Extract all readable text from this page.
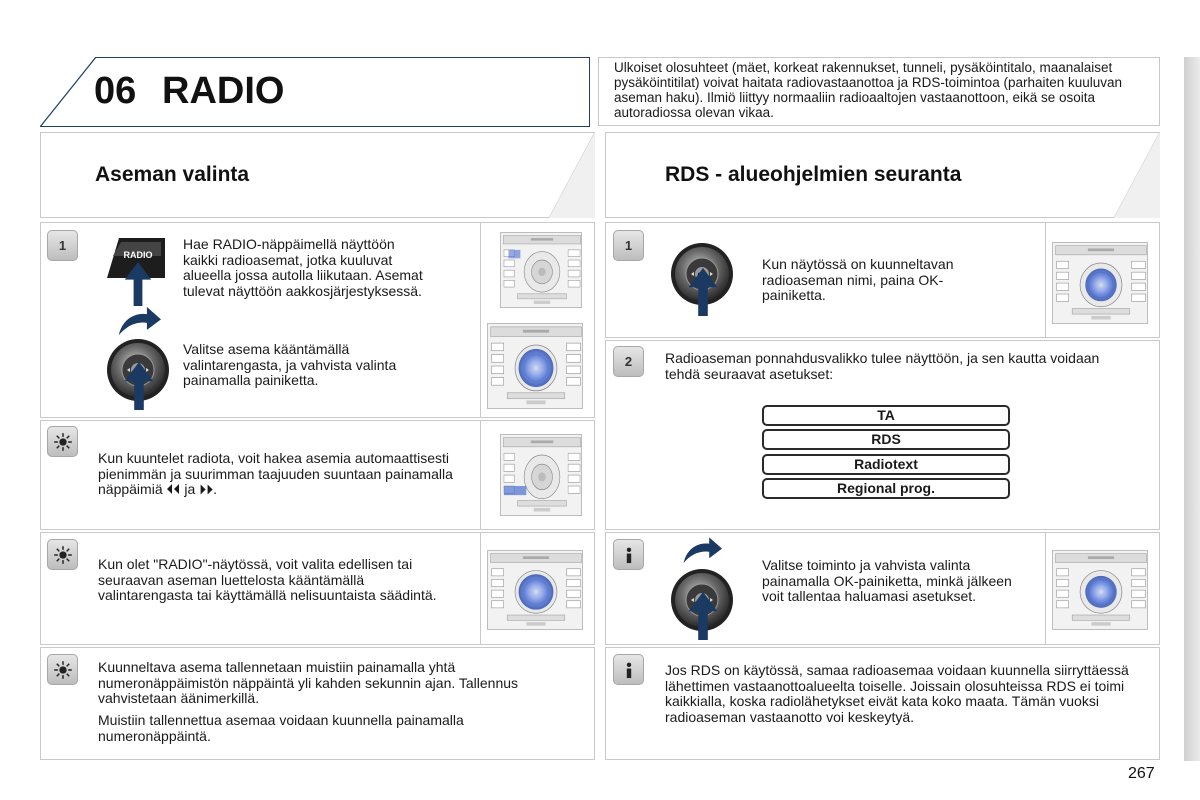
06 RADIO
Ulkoiset olosuhteet (mäet, korkeat rakennukset, tunneli, pysäköintitalo, maanalaiset pysäköintitilat) voivat haitata radiovastaanottoa ja RDS-toimintoa (parhaiten kuuluvan aseman haku). Ilmiö liittyy normaaliin radioaaltojen vastaanottoon, eikä se osoita autoradiossa olevan vikaa.
Aseman valinta
1
RADIO
Hae RADIO-näppäimellä näyttöön kaikki radioasemat, jotka kuuluvat alueella jossa autolla liikutaan. Asemat tulevat näyttöön aakkosjärjestyksessä.
Valitse asema kääntämällä valintarengasta, ja vahvista valinta painamalla painiketta.
Kun kuuntelet radiota, voit hakea asemia automaattisesti pienimmän ja suurimman taajuuden suuntaan painamalla näppäimiä ⏴⏴ ja ⏵⏵.
Kun olet "RADIO"-näytössä, voit valita edellisen tai seuraavan aseman luettelosta kääntämällä valintarengasta tai käyttämällä nelisuuntaista säädintä.
Kuunneltava asema tallennetaan muistiin painamalla yhtä numeronäppäimistön näppäintä yli kahden sekunnin ajan. Tallennus vahvistetaan äänimerkillä.
Muistiin tallennettua asemaa voidaan kuunnella painamalla numeronäppäintä.
RDS - alueohjelmien seuranta
1
Kun näytössä on kuunneltavan radioaseman nimi, paina OK-painiketta.
2	Radioaseman ponnahdusvalikko tulee näyttöön, ja sen kautta voidaan tehdä seuraavat asetukset:
TA
RDS
Radiotext
Regional prog.
Valitse toiminto ja vahvista valinta painamalla OK-painiketta, minkä jälkeen voit tallentaa haluamasi asetukset.
Jos RDS on käytössä, samaa radioasemaa voidaan kuunnella siirryttäessä lähettimen vastaanottoalueelta toiselle. Joissain olosuhteissa RDS ei toimi kaikkialla, koska radiolähetykset eivät kata koko maata. Tämän vuoksi radioaseman vastaanotto voi keskeytyä.
267
